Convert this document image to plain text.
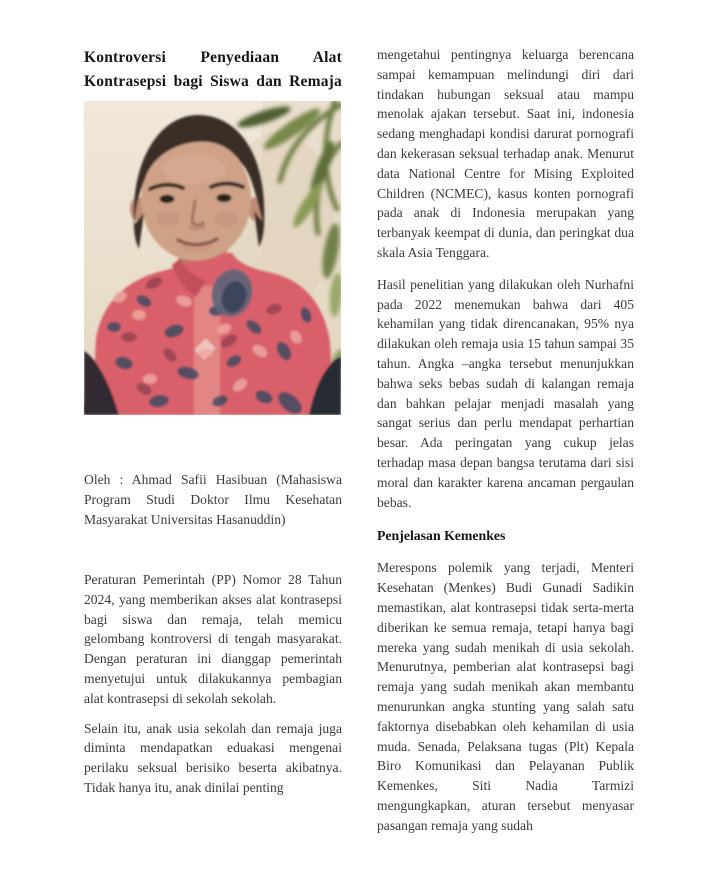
Kontroversi Penyediaan Alat Kontrasepsi bagi Siswa dan Remaja

Oleh : Ahmad Safii Hasibuan (Mahasiswa Program Studi Doktor Ilmu Kesehatan Masyarakat Universitas Hasanuddin)

Peraturan Pemerintah (PP) Nomor 28 Tahun 2024, yang memberikan akses alat kontrasepsi bagi siswa dan remaja, telah memicu gelombang kontroversi di tengah masyarakat. Dengan peraturan ini dianggap pemerintah menyetujui untuk dilakukannya pembagian alat kontrasepsi di sekolah sekolah.

Selain itu, anak usia sekolah dan remaja juga diminta mendapatkan eduakasi mengenai perilaku seksual berisiko beserta akibatnya. Tidak hanya itu, anak dinilai penting

mengetahui pentingnya keluarga berencana sampai kemampuan melindungi diri dari tindakan hubungan seksual atau mampu menolak ajakan tersebut. Saat ini, indonesia sedang menghadapi kondisi darurat pornografi dan kekerasan seksual terhadap anak. Menurut data National Centre for Mising Exploited Children (NCMEC), kasus konten pornografi pada anak di Indonesia merupakan yang terbanyak keempat di dunia, dan peringkat dua skala Asia Tenggara.

Hasil penelitian yang dilakukan oleh Nurhafni pada 2022 menemukan bahwa dari 405 kehamilan yang tidak direncanakan, 95% nya dilakukan oleh remaja usia 15 tahun sampai 35 tahun. Angka –angka tersebut menunjukkan bahwa seks bebas sudah di kalangan remaja dan bahkan pelajar menjadi masalah yang sangat serius dan perlu mendapat perhartian besar. Ada peringatan yang cukup jelas terhadap masa depan bangsa terutama dari sisi moral dan karakter karena ancaman pergaulan bebas.

Penjelasan Kemenkes

Merespons polemik yang terjadi, Menteri Kesehatan (Menkes) Budi Gunadi Sadikin memastikan, alat kontrasepsi tidak serta-merta diberikan ke semua remaja, tetapi hanya bagi mereka yang sudah menikah di usia sekolah. Menurutnya, pemberian alat kontrasepsi bagi remaja yang sudah menikah akan membantu menurunkan angka stunting yang salah satu faktornya disebabkan oleh kehamilan di usia muda. Senada, Pelaksana tugas (Plt) Kepala Biro Komunikasi dan Pelayanan Publik Kemenkes, Siti Nadia Tarmizi mengungkapkan, aturan tersebut menyasar pasangan remaja yang sudah
